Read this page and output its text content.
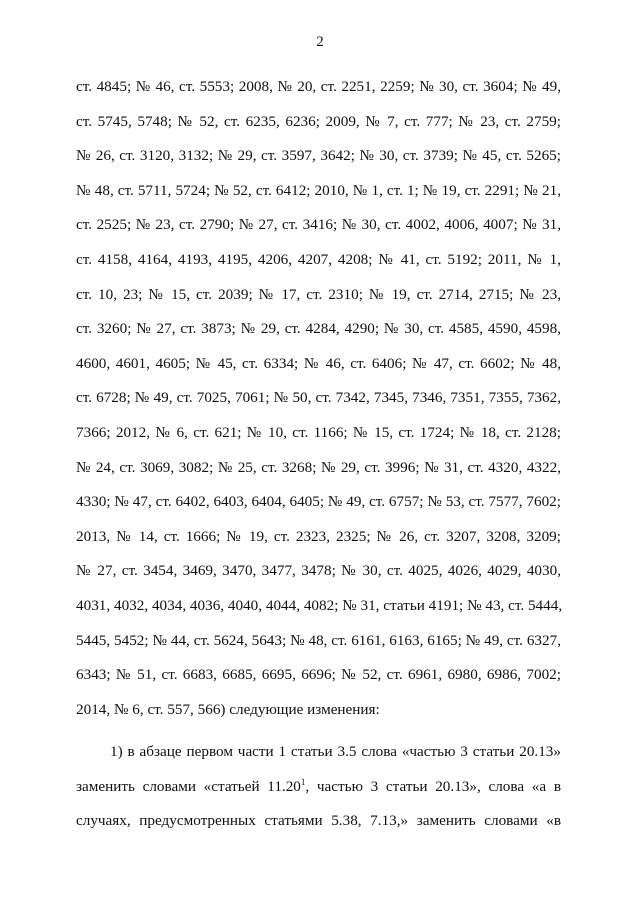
2
ст. 4845; № 46, ст. 5553; 2008, № 20, ст. 2251, 2259; № 30, ст. 3604; № 49,
ст. 5745, 5748; № 52, ст. 6235, 6236; 2009, № 7, ст. 777; № 23, ст. 2759;
№ 26, ст. 3120, 3132; № 29, ст. 3597, 3642; № 30, ст. 3739; № 45, ст. 5265;
№ 48, ст. 5711, 5724; № 52, ст. 6412; 2010, № 1, ст. 1; № 19, ст. 2291; № 21,
ст. 2525; № 23, ст. 2790; № 27, ст. 3416; № 30, ст. 4002, 4006, 4007; № 31,
ст. 4158, 4164, 4193, 4195, 4206, 4207, 4208; № 41, ст. 5192; 2011, № 1,
ст. 10, 23; № 15, ст. 2039; № 17, ст. 2310; № 19, ст. 2714, 2715; № 23,
ст. 3260; № 27, ст. 3873; № 29, ст. 4284, 4290; № 30, ст. 4585, 4590, 4598,
4600, 4601, 4605; № 45, ст. 6334; № 46, ст. 6406; № 47, ст. 6602; № 48,
ст. 6728; № 49, ст. 7025, 7061; № 50, ст. 7342, 7345, 7346, 7351, 7355, 7362,
7366; 2012, № 6, ст. 621; № 10, ст. 1166; № 15, ст. 1724; № 18, ст. 2128;
№ 24, ст. 3069, 3082; № 25, ст. 3268; № 29, ст. 3996; № 31, ст. 4320, 4322,
4330; № 47, ст. 6402, 6403, 6404, 6405; № 49, ст. 6757; № 53, ст. 7577, 7602;
2013, № 14, ст. 1666; № 19, ст. 2323, 2325; № 26, ст. 3207, 3208, 3209;
№ 27, ст. 3454, 3469, 3470, 3477, 3478; № 30, ст. 4025, 4026, 4029, 4030,
4031, 4032, 4034, 4036, 4040, 4044, 4082; № 31, статьи 4191; № 43, ст. 5444,
5445, 5452; № 44, ст. 5624, 5643; № 48, ст. 6161, 6163, 6165; № 49, ст. 6327,
6343; № 51, ст. 6683, 6685, 6695, 6696; № 52, ст. 6961, 6980, 6986, 7002;
2014, № 6, ст. 557, 566) следующие изменения:
1) в абзаце первом части 1 статьи 3.5 слова «частью 3 статьи 20.13»
заменить словами «статьей 11.20$^1$, частью 3 статьи 20.13», слова «а в
случаях, предусмотренных статьями 5.38, 7.13,» заменить словами «в
